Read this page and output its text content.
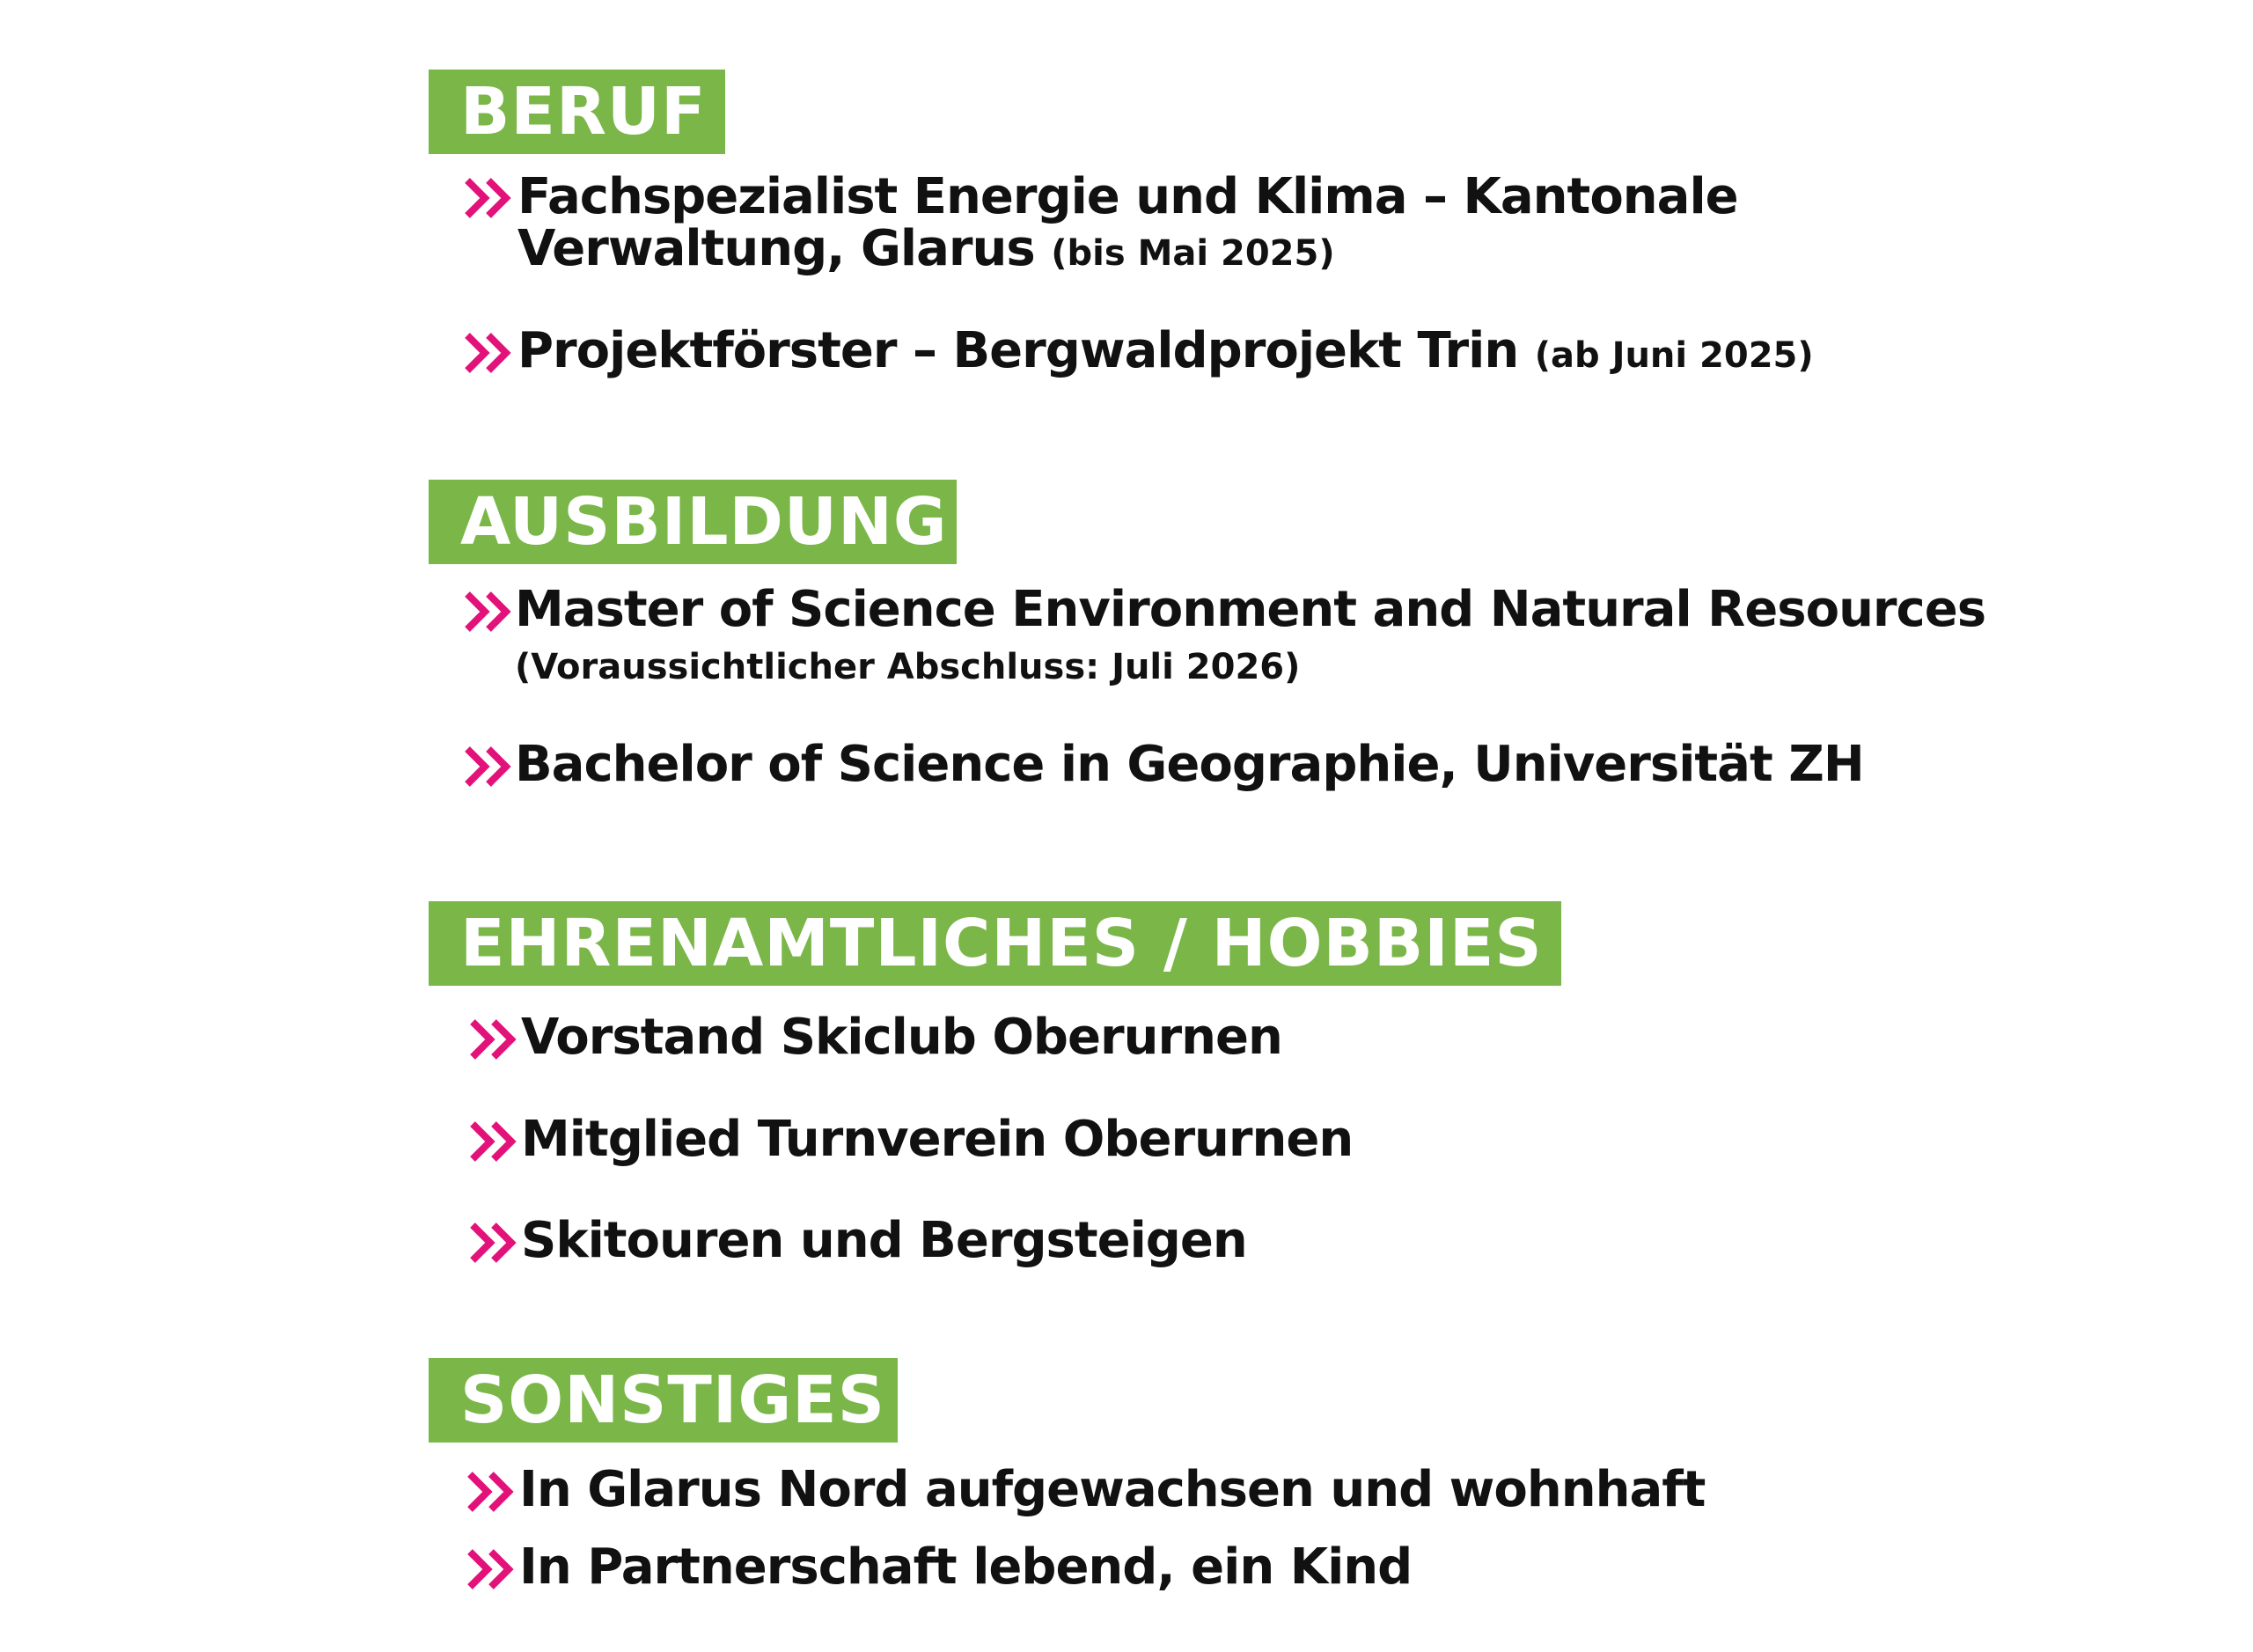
BERUF
Fachspezialist Energie und Klima – Kantonale
Verwaltung, Glarus (bis Mai 2025)
Projektförster – Bergwaldprojekt Trin (ab Juni 2025)
AUSBILDUNG
Master of Science Environment and Natural Resources
(Voraussichtlicher Abschluss: Juli 2026)
Bachelor of Science in Geographie, Universität ZH
EHRENAMTLICHES / HOBBIES
Vorstand Skiclub Oberurnen
Mitglied Turnverein Oberurnen
Skitouren und Bergsteigen
SONSTIGES
In Glarus Nord aufgewachsen und wohnhaft
In Partnerschaft lebend, ein Kind
